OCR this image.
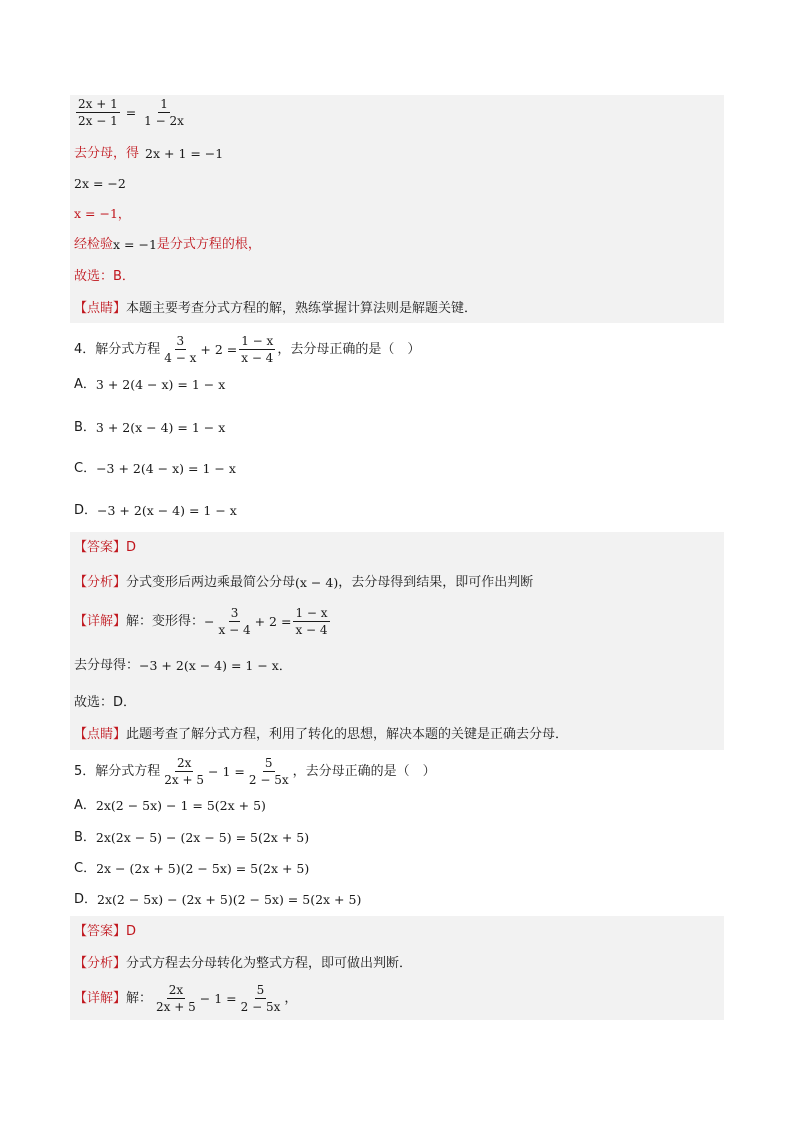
$\frac{2x + 1}{2x - 1} = \frac{1}{1 - 2x}$
去分母，得 2x + 1 = −1
2x = −2
x = −1，
经检验 x = −1 是分式方程的根，
故选：B．
【点睛】 本题主要考查分式方程的解，熟练掌握计算法则是解题关键．
4．解分式方程 $\frac{3}{4 - x} + 2 = \frac{1 - x}{x - 4}$ ，去分母正确的是（　）
A． 3 + 2(4 − x) = 1 − x
B． 3 + 2(x − 4) = 1 − x
C． −3 + 2(4 − x) = 1 − x
D． −3 + 2(x − 4) = 1 − x
【答案】 D
【分析】 分式变形后两边乘最简公分母 (x − 4) ，去分母得到结果，即可作出判断
【详解】 解：变形得： − $\frac{3}{x - 4} + 2 = \frac{1 - x}{x - 4}$
去分母得： −3 + 2(x − 4) = 1 − x．
故选：D．
【点睛】 此题考查了解分式方程，利用了转化的思想，解决本题的关键是正确去分母．
5．解分式方程 $\frac{2x}{2x + 5} - 1 = \frac{5}{2 - 5x}$ ，去分母正确的是（　）
A． 2x(2 − 5x) − 1 = 5(2x + 5)
B． 2x(2x − 5) − (2x − 5) = 5(2x + 5)
C． 2x − (2x + 5)(2 − 5x) = 5(2x + 5)
D． 2x(2 − 5x) − (2x + 5)(2 − 5x) = 5(2x + 5)
【答案】 D
【分析】 分式方程去分母转化为整式方程，即可做出判断．
【详解】 解： $\frac{2x}{2x + 5} - 1 = \frac{5}{2 - 5x}$ ，
